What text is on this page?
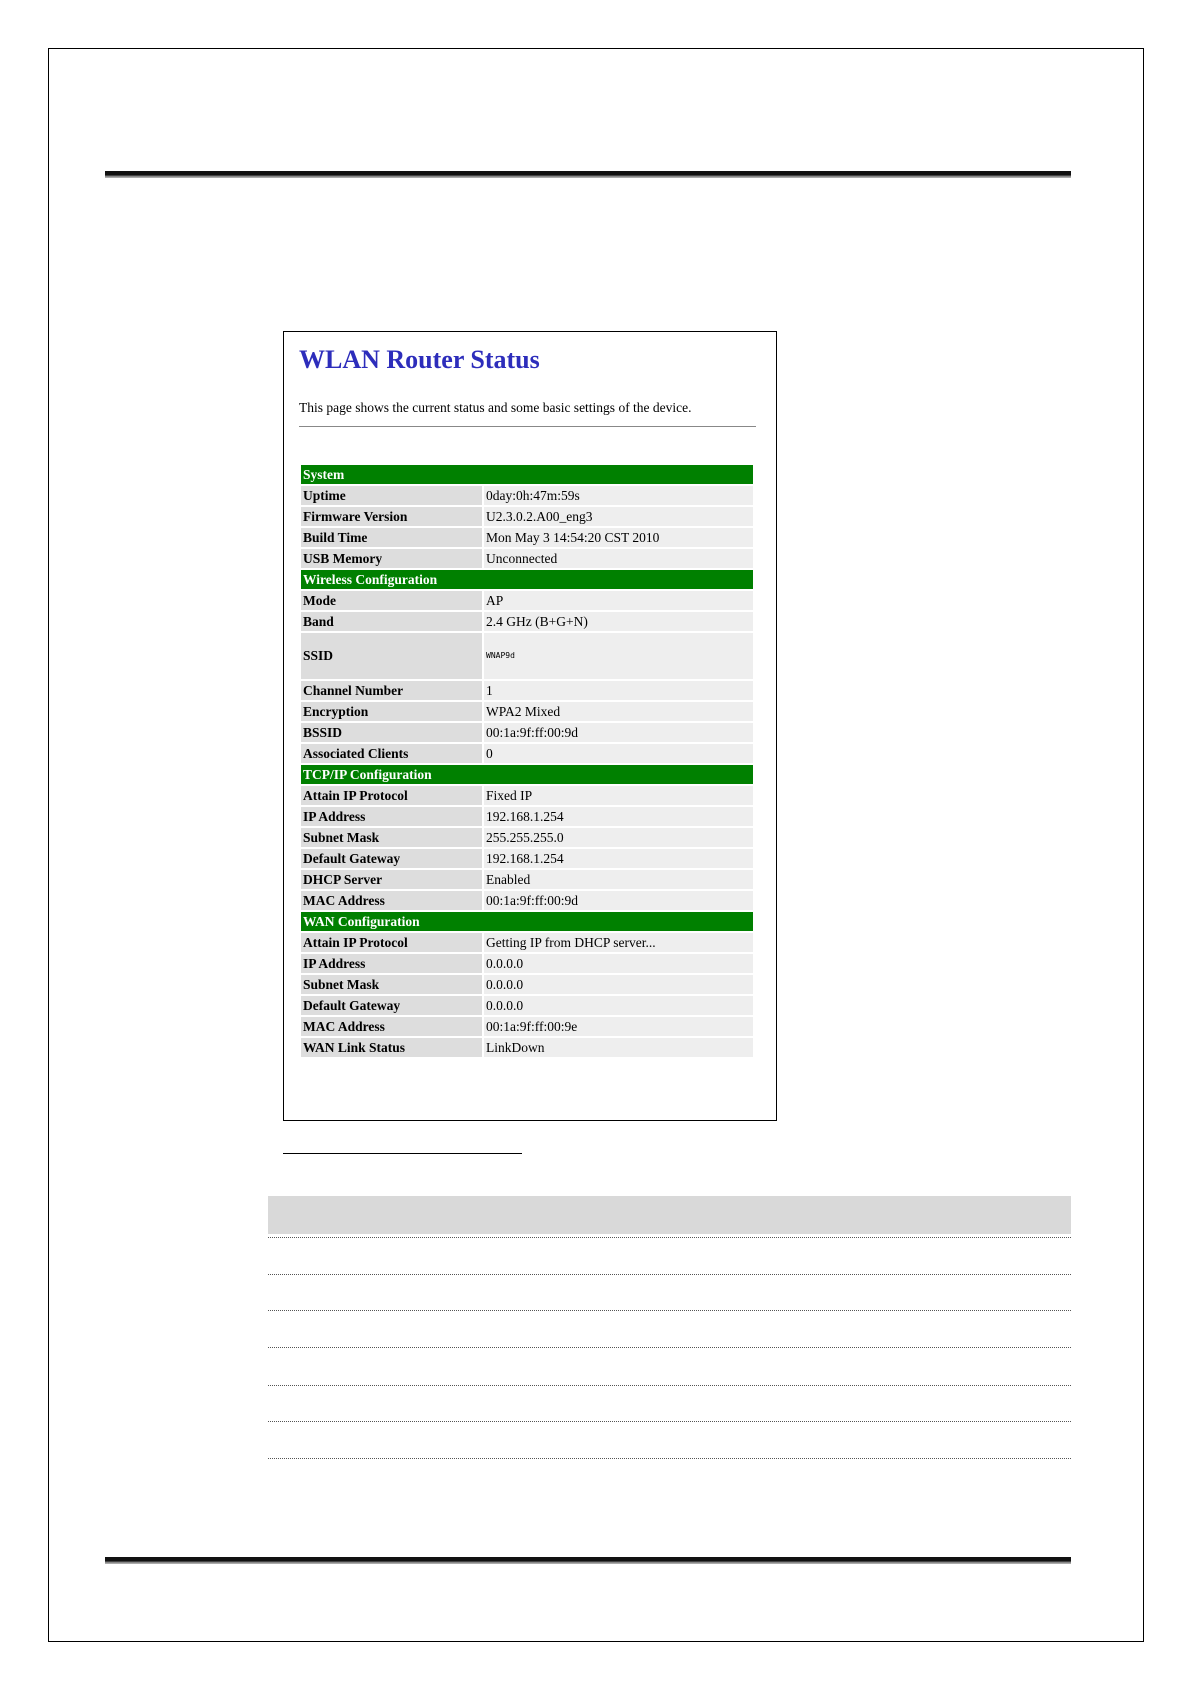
WLAN Router Status

This page shows the current status and some basic settings of the device.

System	
Uptime	0day:0h:47m:59s
Firmware Version	U2.3.0.2.A00_eng3
Build Time	Mon May 3 14:54:20 CST 2010
USB Memory	Unconnected
Wireless Configuration	
Mode	AP
Band	2.4 GHz (B+G+N)
SSID	WNAP9d
Channel Number	1
Encryption	WPA2 Mixed
BSSID	00:1a:9f:ff:00:9d
Associated Clients	0
TCP/IP Configuration	
Attain IP Protocol	Fixed IP
IP Address	192.168.1.254
Subnet Mask	255.255.255.0
Default Gateway	192.168.1.254
DHCP Server	Enabled
MAC Address	00:1a:9f:ff:00:9d
WAN Configuration	
Attain IP Protocol	Getting IP from DHCP server...
IP Address	0.0.0.0
Subnet Mask	0.0.0.0
Default Gateway	0.0.0.0
MAC Address	00:1a:9f:ff:00:9e
WAN Link Status	LinkDown
